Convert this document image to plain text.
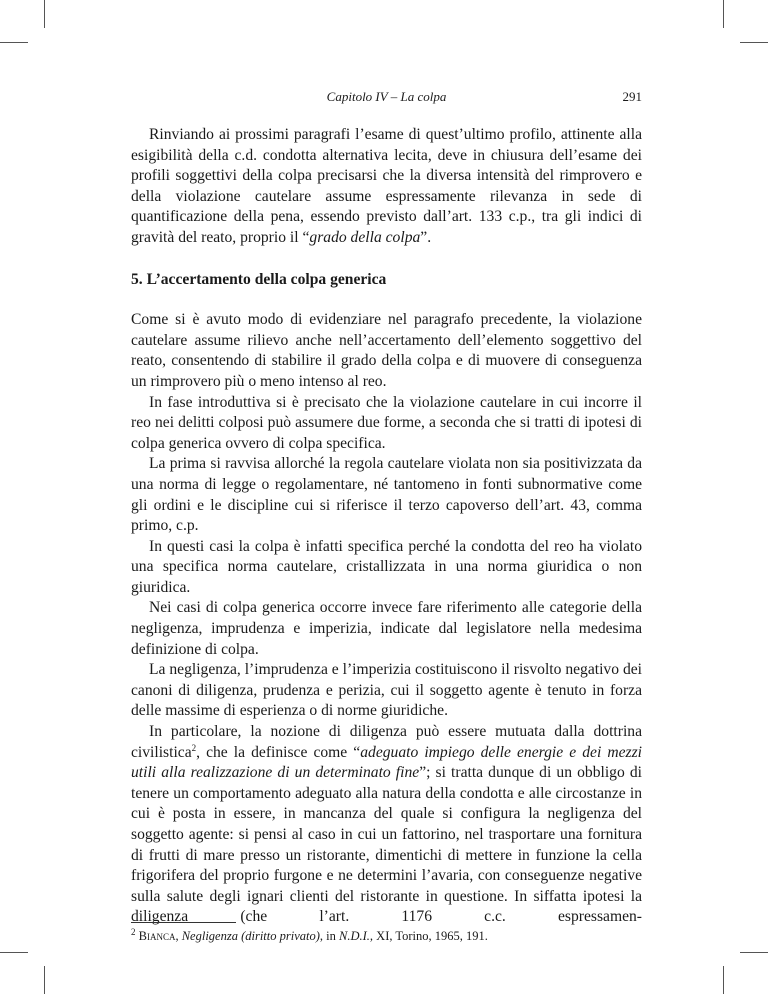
Capitolo IV – La colpa	291

Rinviando ai prossimi paragrafi l’esame di quest’ultimo profilo, attinente alla esigibilità della c.d. condotta alternativa lecita, deve in chiusura dell’esame dei profili soggettivi della colpa precisarsi che la diversa intensità del rimprovero e della violazione cautelare assume espressamente rilevanza in sede di quantificazione della pena, essendo previsto dall’art. 133 c.p., tra gli indici di gravità del reato, proprio il “grado della colpa”.

5. L’accertamento della colpa generica

Come si è avuto modo di evidenziare nel paragrafo precedente, la violazione cautelare assume rilievo anche nell’accertamento dell’elemento soggettivo del reato, consentendo di stabilire il grado della colpa e di muovere di conseguenza un rimprovero più o meno intenso al reo.

In fase introduttiva si è precisato che la violazione cautelare in cui incorre il reo nei delitti colposi può assumere due forme, a seconda che si tratti di ipotesi di colpa generica ovvero di colpa specifica.

La prima si ravvisa allorché la regola cautelare violata non sia positivizzata da una norma di legge o regolamentare, né tantomeno in fonti subnormative come gli ordini e le discipline cui si riferisce il terzo capoverso dell’art. 43, comma primo, c.p.

In questi casi la colpa è infatti specifica perché la condotta del reo ha violato una specifica norma cautelare, cristallizzata in una norma giuridica o non giuridica.

Nei casi di colpa generica occorre invece fare riferimento alle categorie della negligenza, imprudenza e imperizia, indicate dal legislatore nella medesima definizione di colpa.

La negligenza, l’imprudenza e l’imperizia costituiscono il risvolto negativo dei canoni di diligenza, prudenza e perizia, cui il soggetto agente è tenuto in forza delle massime di esperienza o di norme giuridiche.

In particolare, la nozione di diligenza può essere mutuata dalla dottrina civilistica$^2$, che la definisce come “adeguato impiego delle energie e dei mezzi utili alla realizzazione di un determinato fine”; si tratta dunque di un obbligo di tenere un comportamento adeguato alla natura della condotta e alle circostanze in cui è posta in essere, in mancanza del quale si configura la negligenza del soggetto agente: si pensi al caso in cui un fattorino, nel trasportare una fornitura di frutti di mare presso un ristorante, dimentichi di mettere in funzione la cella frigorifera del proprio furgone e ne determini l’avaria, con conseguenze negative sulla salute degli ignari clienti del ristorante in questione. In siffatta ipotesi la diligenza (che l’art. 1176 c.c. espressamen-

$^2$ Bianca, Negligenza (diritto privato), in N.D.I., XI, Torino, 1965, 191.
